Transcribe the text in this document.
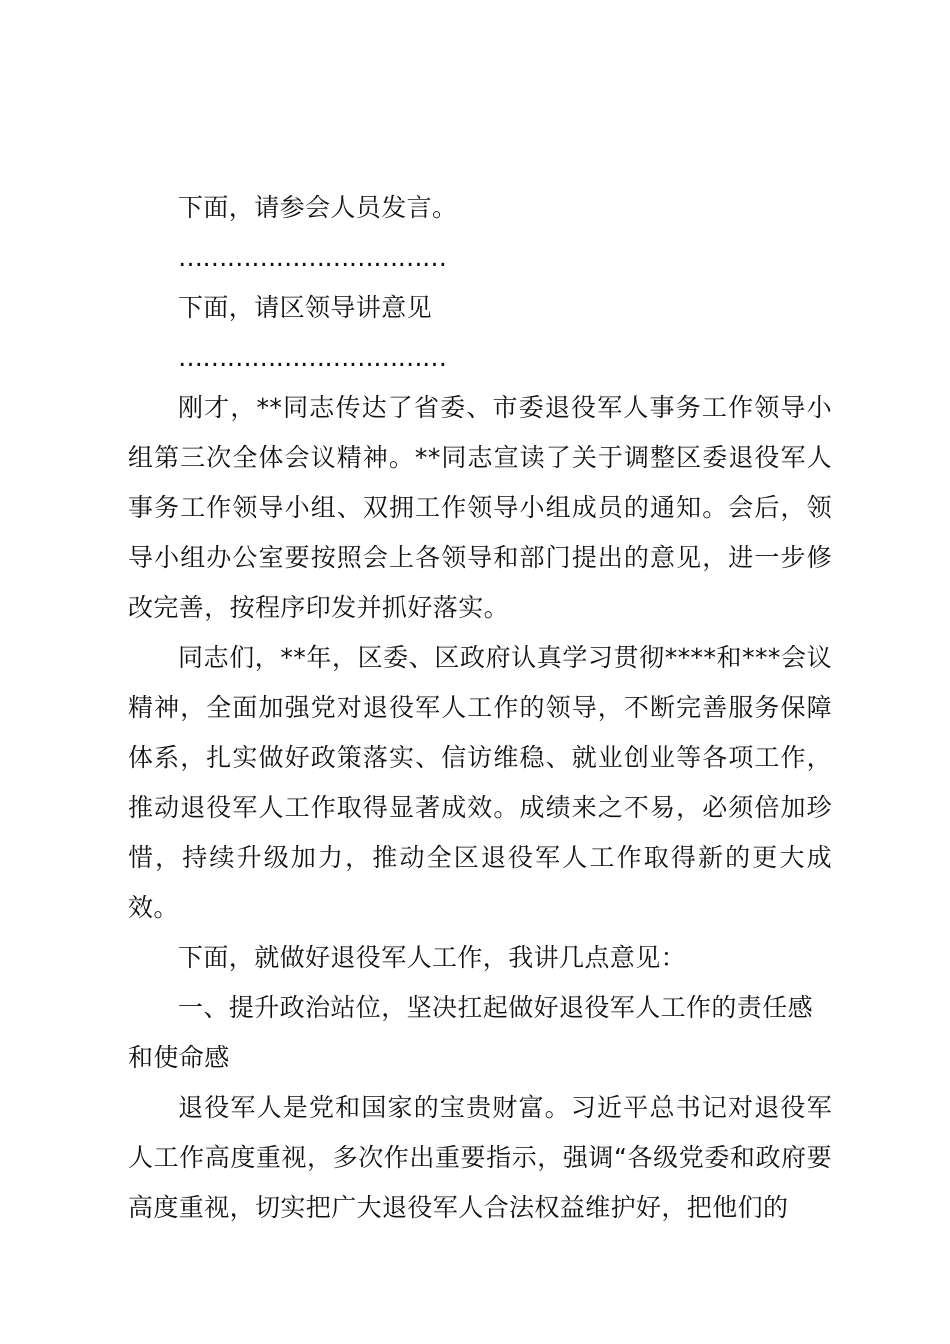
下面，请参会人员发言。

……………………………

下面，请区领导讲意见

……………………………

刚才，**同志传达了省委、市委退役军人事务工作领导小组第三次全体会议精神。**同志宣读了关于调整区委退役军人事务工作领导小组、双拥工作领导小组成员的通知。会后，领导小组办公室要按照会上各领导和部门提出的意见，进一步修改完善，按程序印发并抓好落实。

同志们，**年，区委、区政府认真学习贯彻****和***会议精神，全面加强党对退役军人工作的领导，不断完善服务保障体系，扎实做好政策落实、信访维稳、就业创业等各项工作，推动退役军人工作取得显著成效。成绩来之不易，必须倍加珍惜，持续升级加力，推动全区退役军人工作取得新的更大成效。

下面，就做好退役军人工作，我讲几点意见：

一、提升政治站位，坚决扛起做好退役军人工作的责任感和使命感

退役军人是党和国家的宝贵财富。习近平总书记对退役军人工作高度重视，多次作出重要指示，强调“各级党委和政府要高度重视，切实把广大退役军人合法权益维护好，把他们的
